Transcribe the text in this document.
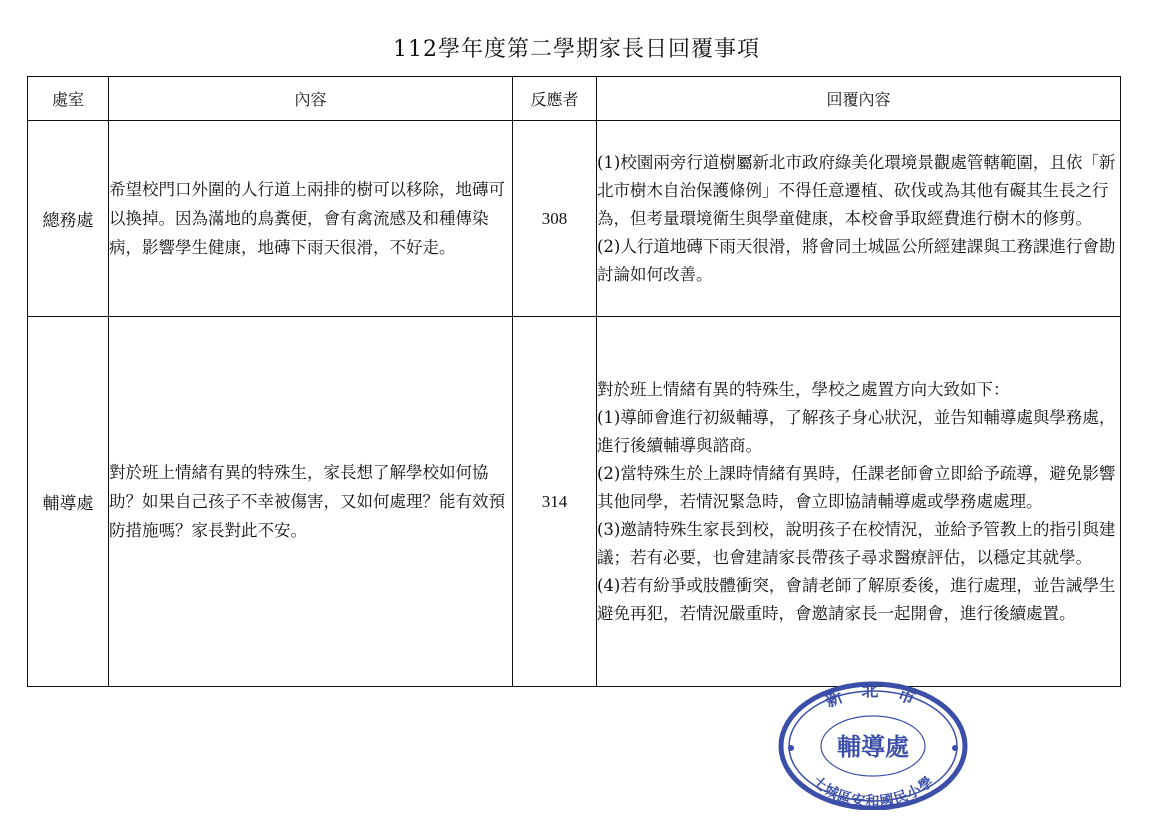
112學年度第二學期家長日回覆事項
處室	內容	反應者	回覆內容
總務處	希望校門口外圍的人行道上兩排的樹可以移除，地磚可以換掉。因為滿地的鳥糞便，會有禽流感及和種傳染病，影響學生健康，地磚下雨天很滑，不好走。	308	(1)校園兩旁行道樹屬新北市政府綠美化環境景觀處管轄範圍，且依「新北市樹木自治保護條例」不得任意遷植、砍伐或為其他有礙其生長之行為，但考量環境衛生與學童健康，本校會爭取經費進行樹木的修剪。

(2)人行道地磚下雨天很滑，將會同土城區公所經建課與工務課進行會勘討論如何改善。

輔導處	對於班上情緒有異的特殊生，家長想了解學校如何協助？如果自己孩子不幸被傷害，又如何處理？能有效預防措施嗎？家長對此不安。	314	對於班上情緒有異的特殊生，學校之處置方向大致如下：

(1)導師會進行初級輔導，了解孩子身心狀況，並告知輔導處與學務處，進行後續輔導與諮商。

(2)當特殊生於上課時情緒有異時，任課老師會立即給予疏導，避免影響其他同學，若情況緊急時，會立即協請輔導處或學務處處理。

(3)邀請特殊生家長到校，說明孩子在校情況，並給予管教上的指引與建議；若有必要，也會建請家長帶孩子尋求醫療評估，以穩定其就學。

(4)若有紛爭或肢體衝突，會請老師了解原委後，進行處理，並告誡學生避免再犯，若情況嚴重時，會邀請家長一起開會，進行後續處置。

新 北 市
輔導處
土城區安和國民小學
